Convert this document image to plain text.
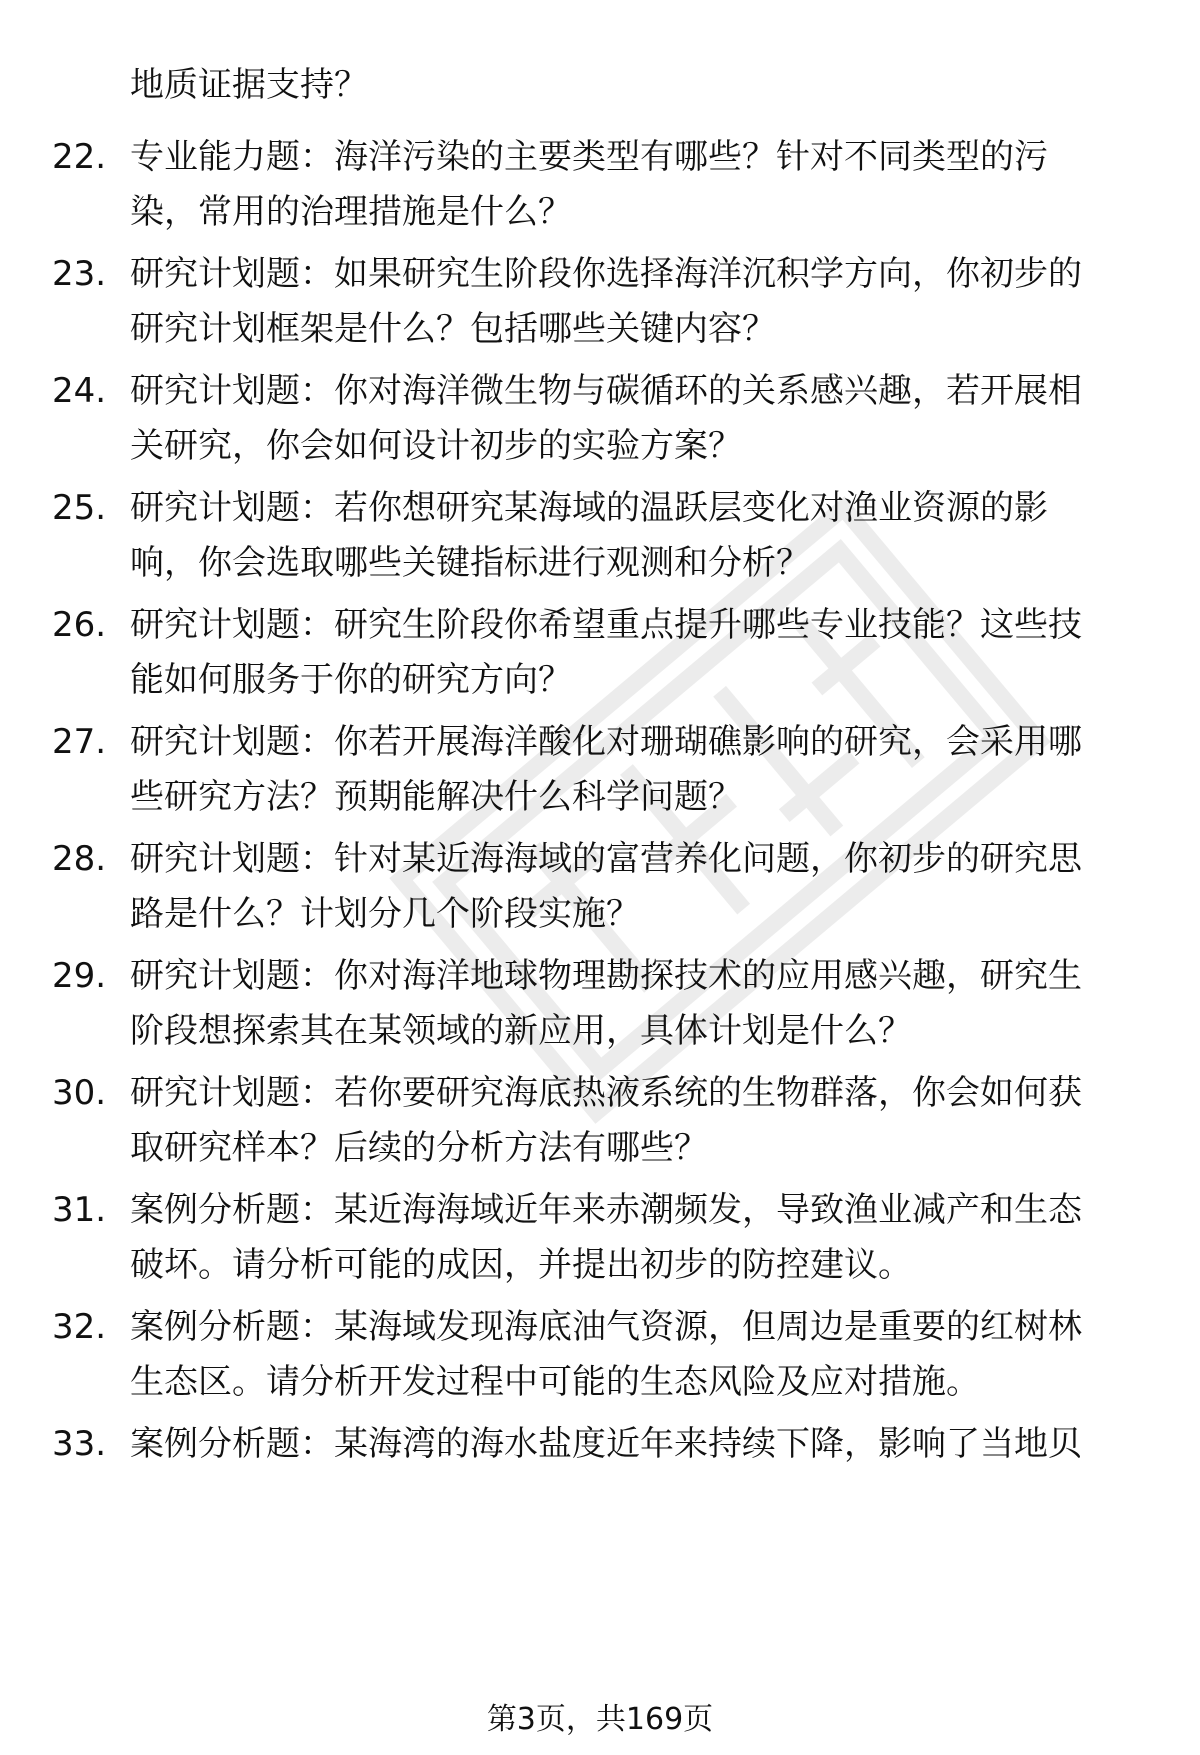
地质证据支持？
22. 专业能力题：海洋污染的主要类型有哪些？针对不同类型的污
染，常用的治理措施是什么？
23. 研究计划题：如果研究生阶段你选择海洋沉积学方向，你初步的
研究计划框架是什么？包括哪些关键内容？
24. 研究计划题：你对海洋微生物与碳循环的关系感兴趣，若开展相
关研究，你会如何设计初步的实验方案？
25. 研究计划题：若你想研究某海域的温跃层变化对渔业资源的影
响，你会选取哪些关键指标进行观测和分析？
26. 研究计划题：研究生阶段你希望重点提升哪些专业技能？这些技
能如何服务于你的研究方向？
27. 研究计划题：你若开展海洋酸化对珊瑚礁影响的研究，会采用哪
些研究方法？预期能解决什么科学问题？
28. 研究计划题：针对某近海海域的富营养化问题，你初步的研究思
路是什么？计划分几个阶段实施？
29. 研究计划题：你对海洋地球物理勘探技术的应用感兴趣，研究生
阶段想探索其在某领域的新应用，具体计划是什么？
30. 研究计划题：若你要研究海底热液系统的生物群落，你会如何获
取研究样本？后续的分析方法有哪些？
31. 案例分析题：某近海海域近年来赤潮频发，导致渔业减产和生态
破坏。请分析可能的成因，并提出初步的防控建议。
32. 案例分析题：某海域发现海底油气资源，但周边是重要的红树林
生态区。请分析开发过程中可能的生态风险及应对措施。
33. 案例分析题：某海湾的海水盐度近年来持续下降，影响了当地贝
第3页，共169页
